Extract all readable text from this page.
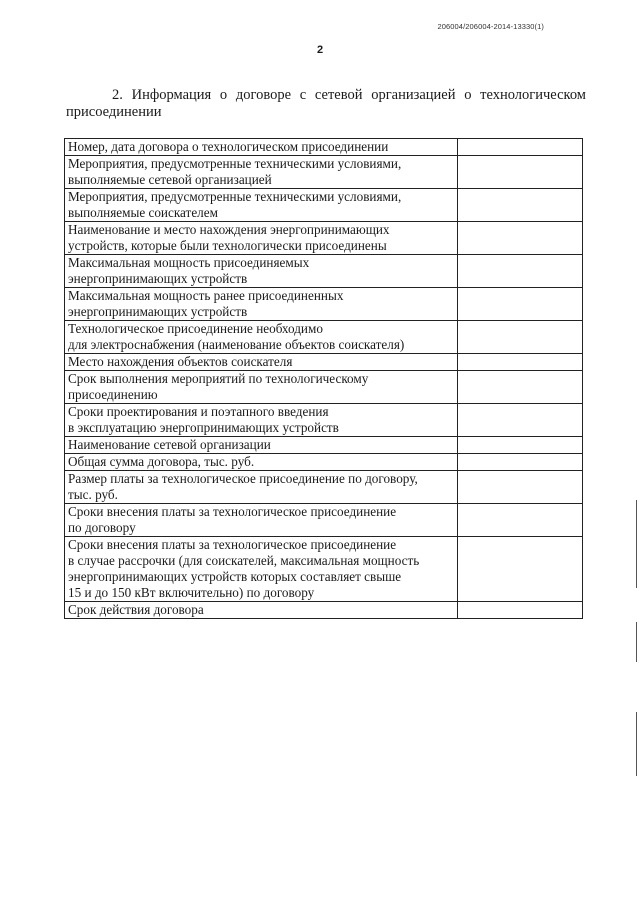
206004/206004-2014-13330(1)
2
2. Информация о договоре с сетевой организацией о технологическом присоединении
Номер, дата договора о технологическом присоединении	

Мероприятия, предусмотренные техническими условиями,
выполняемые сетевой организацией	

Мероприятия, предусмотренные техническими условиями,
выполняемые соискателем	

Наименование и место нахождения энергопринимающих
устройств, которые были технологически присоединены	

Максимальная мощность присоединяемых
энергопринимающих устройств	

Максимальная мощность ранее присоединенных
энергопринимающих устройств	

Технологическое присоединение необходимо
для электроснабжения (наименование объектов соискателя)	

Место нахождения объектов соискателя	

Срок выполнения мероприятий по технологическому
присоединению	

Сроки проектирования и поэтапного введения
в эксплуатацию энергопринимающих устройств	

Наименование сетевой организации	

Общая сумма договора, тыс. руб.	

Размер платы за технологическое присоединение по договору,
тыс. руб.	

Сроки внесения платы за технологическое присоединение
по договору	

Сроки внесения платы за технологическое присоединение
в случае рассрочки (для соискателей, максимальная мощность
энергопринимающих устройств которых составляет свыше
15 и до 150 кВт включительно) по договору	

Срок действия договора	
